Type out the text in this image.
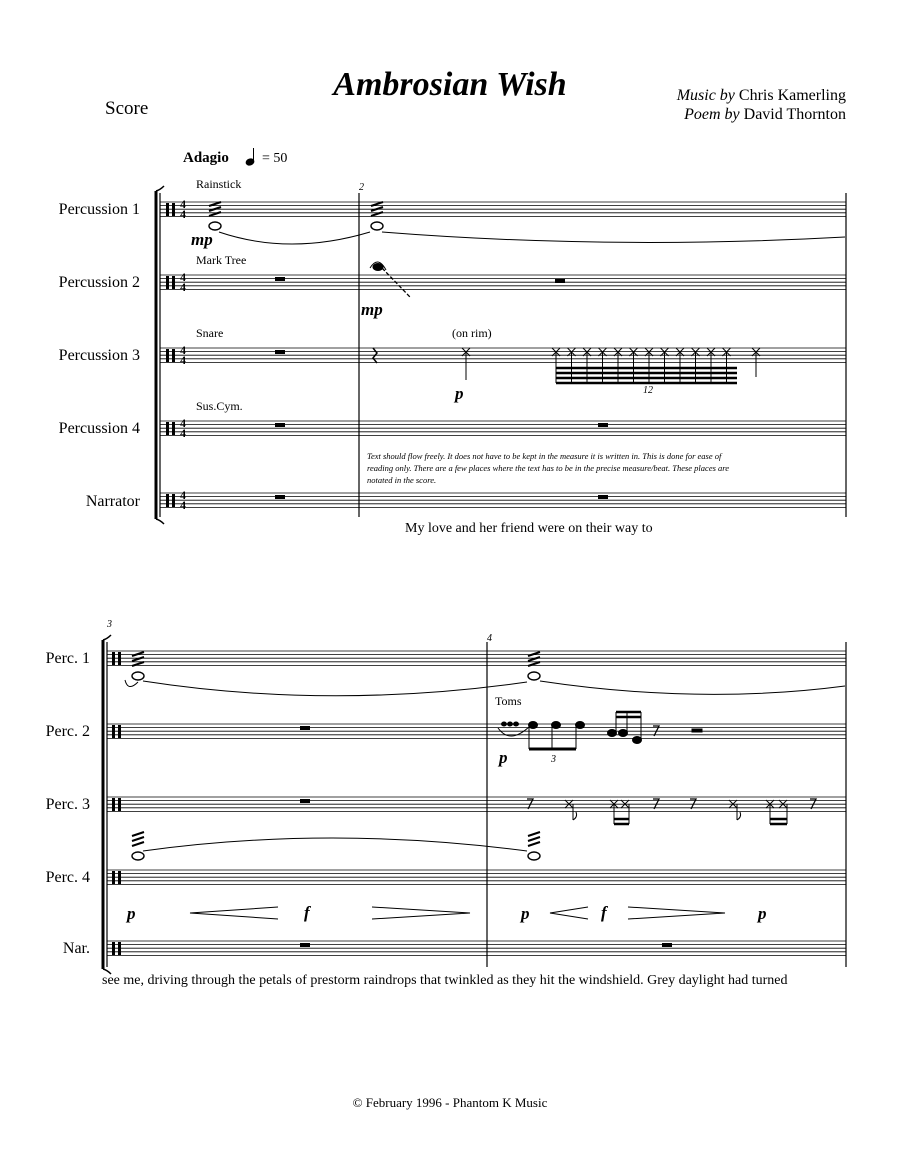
Ambrosian Wish
Score
Music by Chris Kamerling
Poem by David Thornton
Adagio = 50
Percussion 1
Percussion 2
Percussion 3
Percussion 4
Narrator
Rainstick
Mark Tree
Snare
Sus.Cym.
(on rim)
12
2
mp
mp
p
Text should flow freely. It does not have to be kept in the measure it is written in. This is done for ease of reading only. There are a few places where the text has to be in the precise measure/beat. These places are notated in the score.
My love and her friend were on their way to
Perc. 1
Perc. 2
Perc. 3
Perc. 4
Nar.
3
4
Toms
3
p
p	f	p	f	p
see me, driving through the petals of prestorm raindrops that twinkled as they hit the windshield. Grey daylight had turned
© February 1996 - Phantom K Music
4
4
4
4
4
4
4
4
4
4
